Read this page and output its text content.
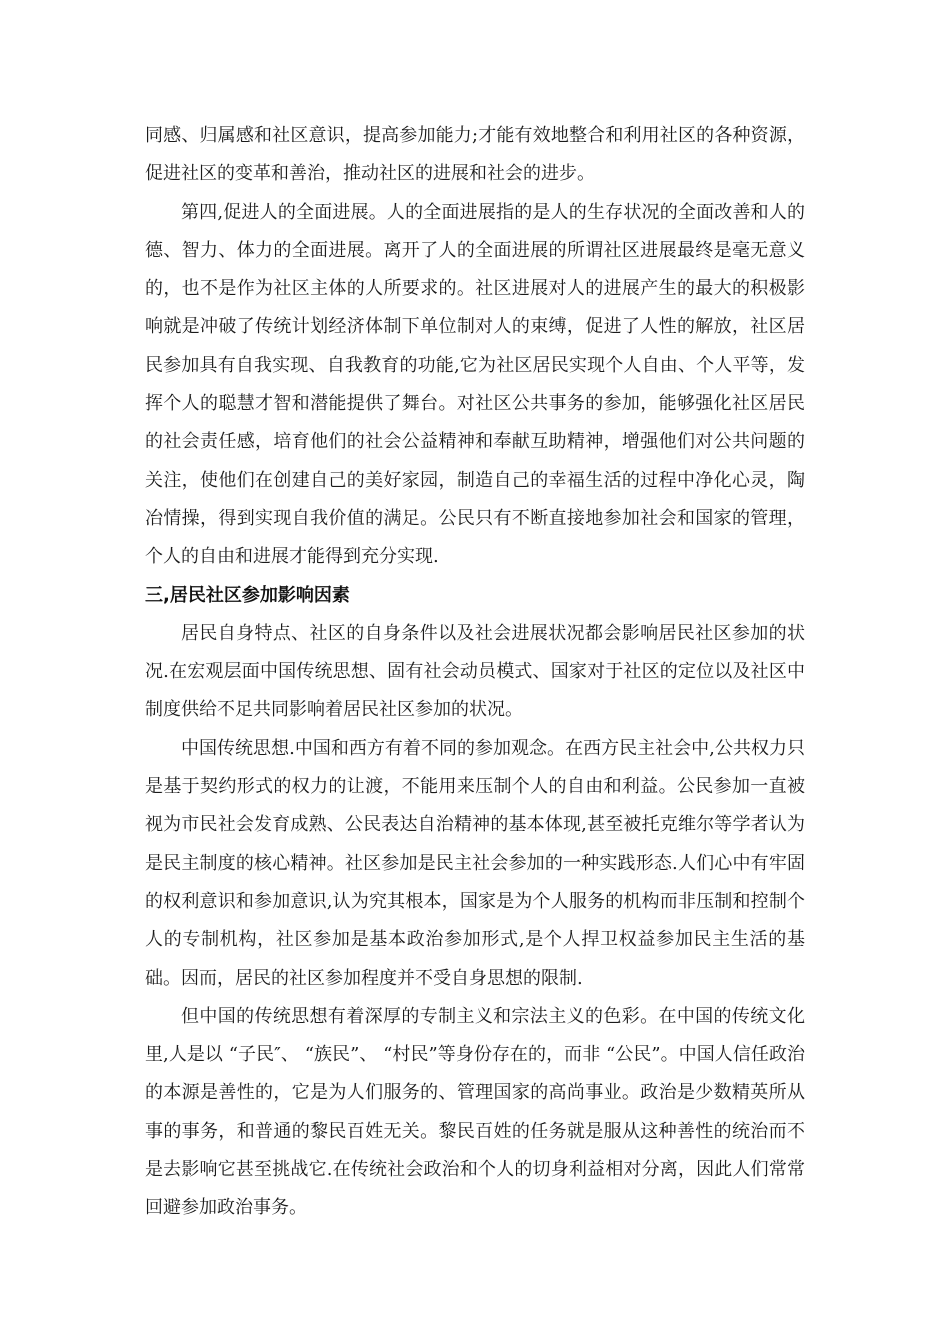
同感、归属感和社区意识，提高参加能力;才能有效地整合和利用社区的各种资源，促进社区的变革和善治，推动社区的进展和社会的进步。

第四,促进人的全面进展。人的全面进展指的是人的生存状况的全面改善和人的德、智力、体力的全面进展。离开了人的全面进展的所谓社区进展最终是毫无意义的，也不是作为社区主体的人所要求的。社区进展对人的进展产生的最大的积极影响就是冲破了传统计划经济体制下单位制对人的束缚，促进了人性的解放，社区居民参加具有自我实现、自我教育的功能,它为社区居民实现个人自由、个人平等，发挥个人的聪慧才智和潜能提供了舞台。对社区公共事务的参加，能够强化社区居民的社会责任感，培育他们的社会公益精神和奉献互助精神，增强他们对公共问题的关注，使他们在创建自己的美好家园，制造自己的幸福生活的过程中净化心灵，陶冶情操，得到实现自我价值的满足。公民只有不断直接地参加社会和国家的管理，个人的自由和进展才能得到充分实现.

三,居民社区参加影响因素

居民自身特点、社区的自身条件以及社会进展状况都会影响居民社区参加的状况.在宏观层面中国传统思想、固有社会动员模式、国家对于社区的定位以及社区中制度供给不足共同影响着居民社区参加的状况。

中国传统思想.中国和西方有着不同的参加观念。在西方民主社会中,公共权力只是基于契约形式的权力的让渡，不能用来压制个人的自由和利益。公民参加一直被视为市民社会发育成熟、公民表达自治精神的基本体现,甚至被托克维尔等学者认为是民主制度的核心精神。社区参加是民主社会参加的一种实践形态.人们心中有牢固的权利意识和参加意识,认为究其根本，国家是为个人服务的机构而非压制和控制个人的专制机构，社区参加是基本政治参加形式,是个人捍卫权益参加民主生活的基础。因而，居民的社区参加程度并不受自身思想的限制.

但中国的传统思想有着深厚的专制主义和宗法主义的色彩。在中国的传统文化里,人是以 “子民″、 “族民”、 “村民”等身份存在的，而非 “公民”。中国人信任政治的本源是善性的，它是为人们服务的、管理国家的高尚事业。政治是少数精英所从事的事务，和普通的黎民百姓无关。黎民百姓的任务就是服从这种善性的统治而不是去影响它甚至挑战它.在传统社会政治和个人的切身利益相对分离，因此人们常常回避参加政治事务。
